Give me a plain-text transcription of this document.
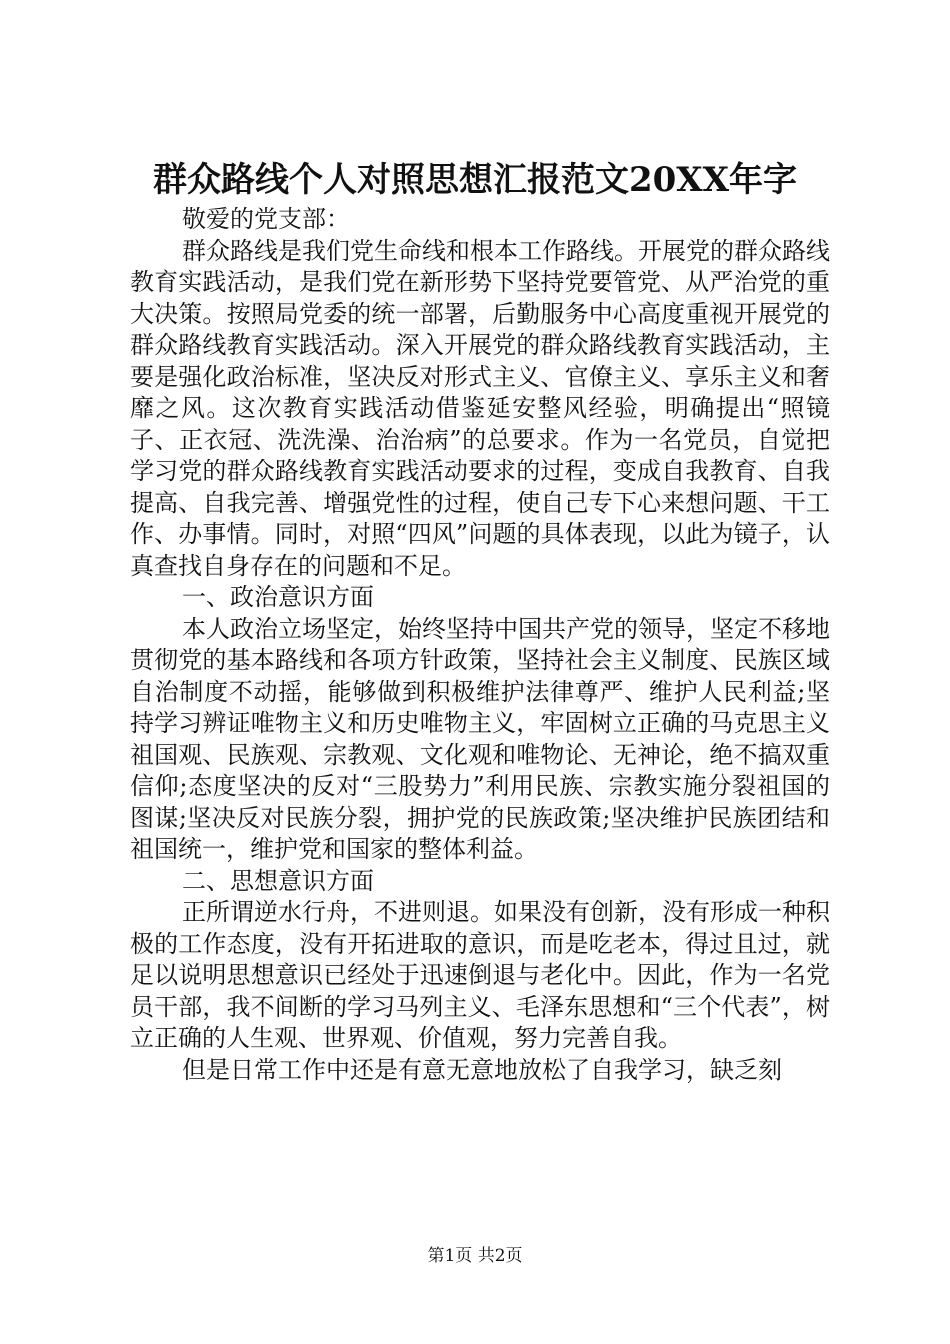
群众路线个人对照思想汇报范文20XX年字

敬爱的党支部：

群众路线是我们党生命线和根本工作路线。开展党的群众路线教育实践活动，是我们党在新形势下坚持党要管党、从严治党的重大决策。按照局党委的统一部署，后勤服务中心高度重视开展党的群众路线教育实践活动。深入开展党的群众路线教育实践活动，主要是强化政治标准，坚决反对形式主义、官僚主义、享乐主义和奢靡之风。这次教育实践活动借鉴延安整风经验，明确提出“照镜子、正衣冠、洗洗澡、治治病”的总要求。作为一名党员，自觉把学习党的群众路线教育实践活动要求的过程，变成自我教育、自我提高、自我完善、增强党性的过程，使自己专下心来想问题、干工作、办事情。同时，对照“四风”问题的具体表现，以此为镜子，认真查找自身存在的问题和不足。

一、政治意识方面

本人政治立场坚定，始终坚持中国共产党的领导，坚定不移地贯彻党的基本路线和各项方针政策，坚持社会主义制度、民族区域自治制度不动摇，能够做到积极维护法律尊严、维护人民利益;坚持学习辨证唯物主义和历史唯物主义，牢固树立正确的马克思主义祖国观、民族观、宗教观、文化观和唯物论、无神论，绝不搞双重信仰;态度坚决的反对“三股势力”利用民族、宗教实施分裂祖国的图谋;坚决反对民族分裂，拥护党的民族政策;坚决维护民族团结和祖国统一，维护党和国家的整体利益。

二、思想意识方面

正所谓逆水行舟，不进则退。如果没有创新，没有形成一种积极的工作态度，没有开拓进取的意识，而是吃老本，得过且过，就足以说明思想意识已经处于迅速倒退与老化中。因此，作为一名党员干部，我不间断的学习马列主义、毛泽东思想和“三个代表”，树立正确的人生观、世界观、价值观，努力完善自我。

但是日常工作中还是有意无意地放松了自我学习，缺乏刻

第1页 共2页
